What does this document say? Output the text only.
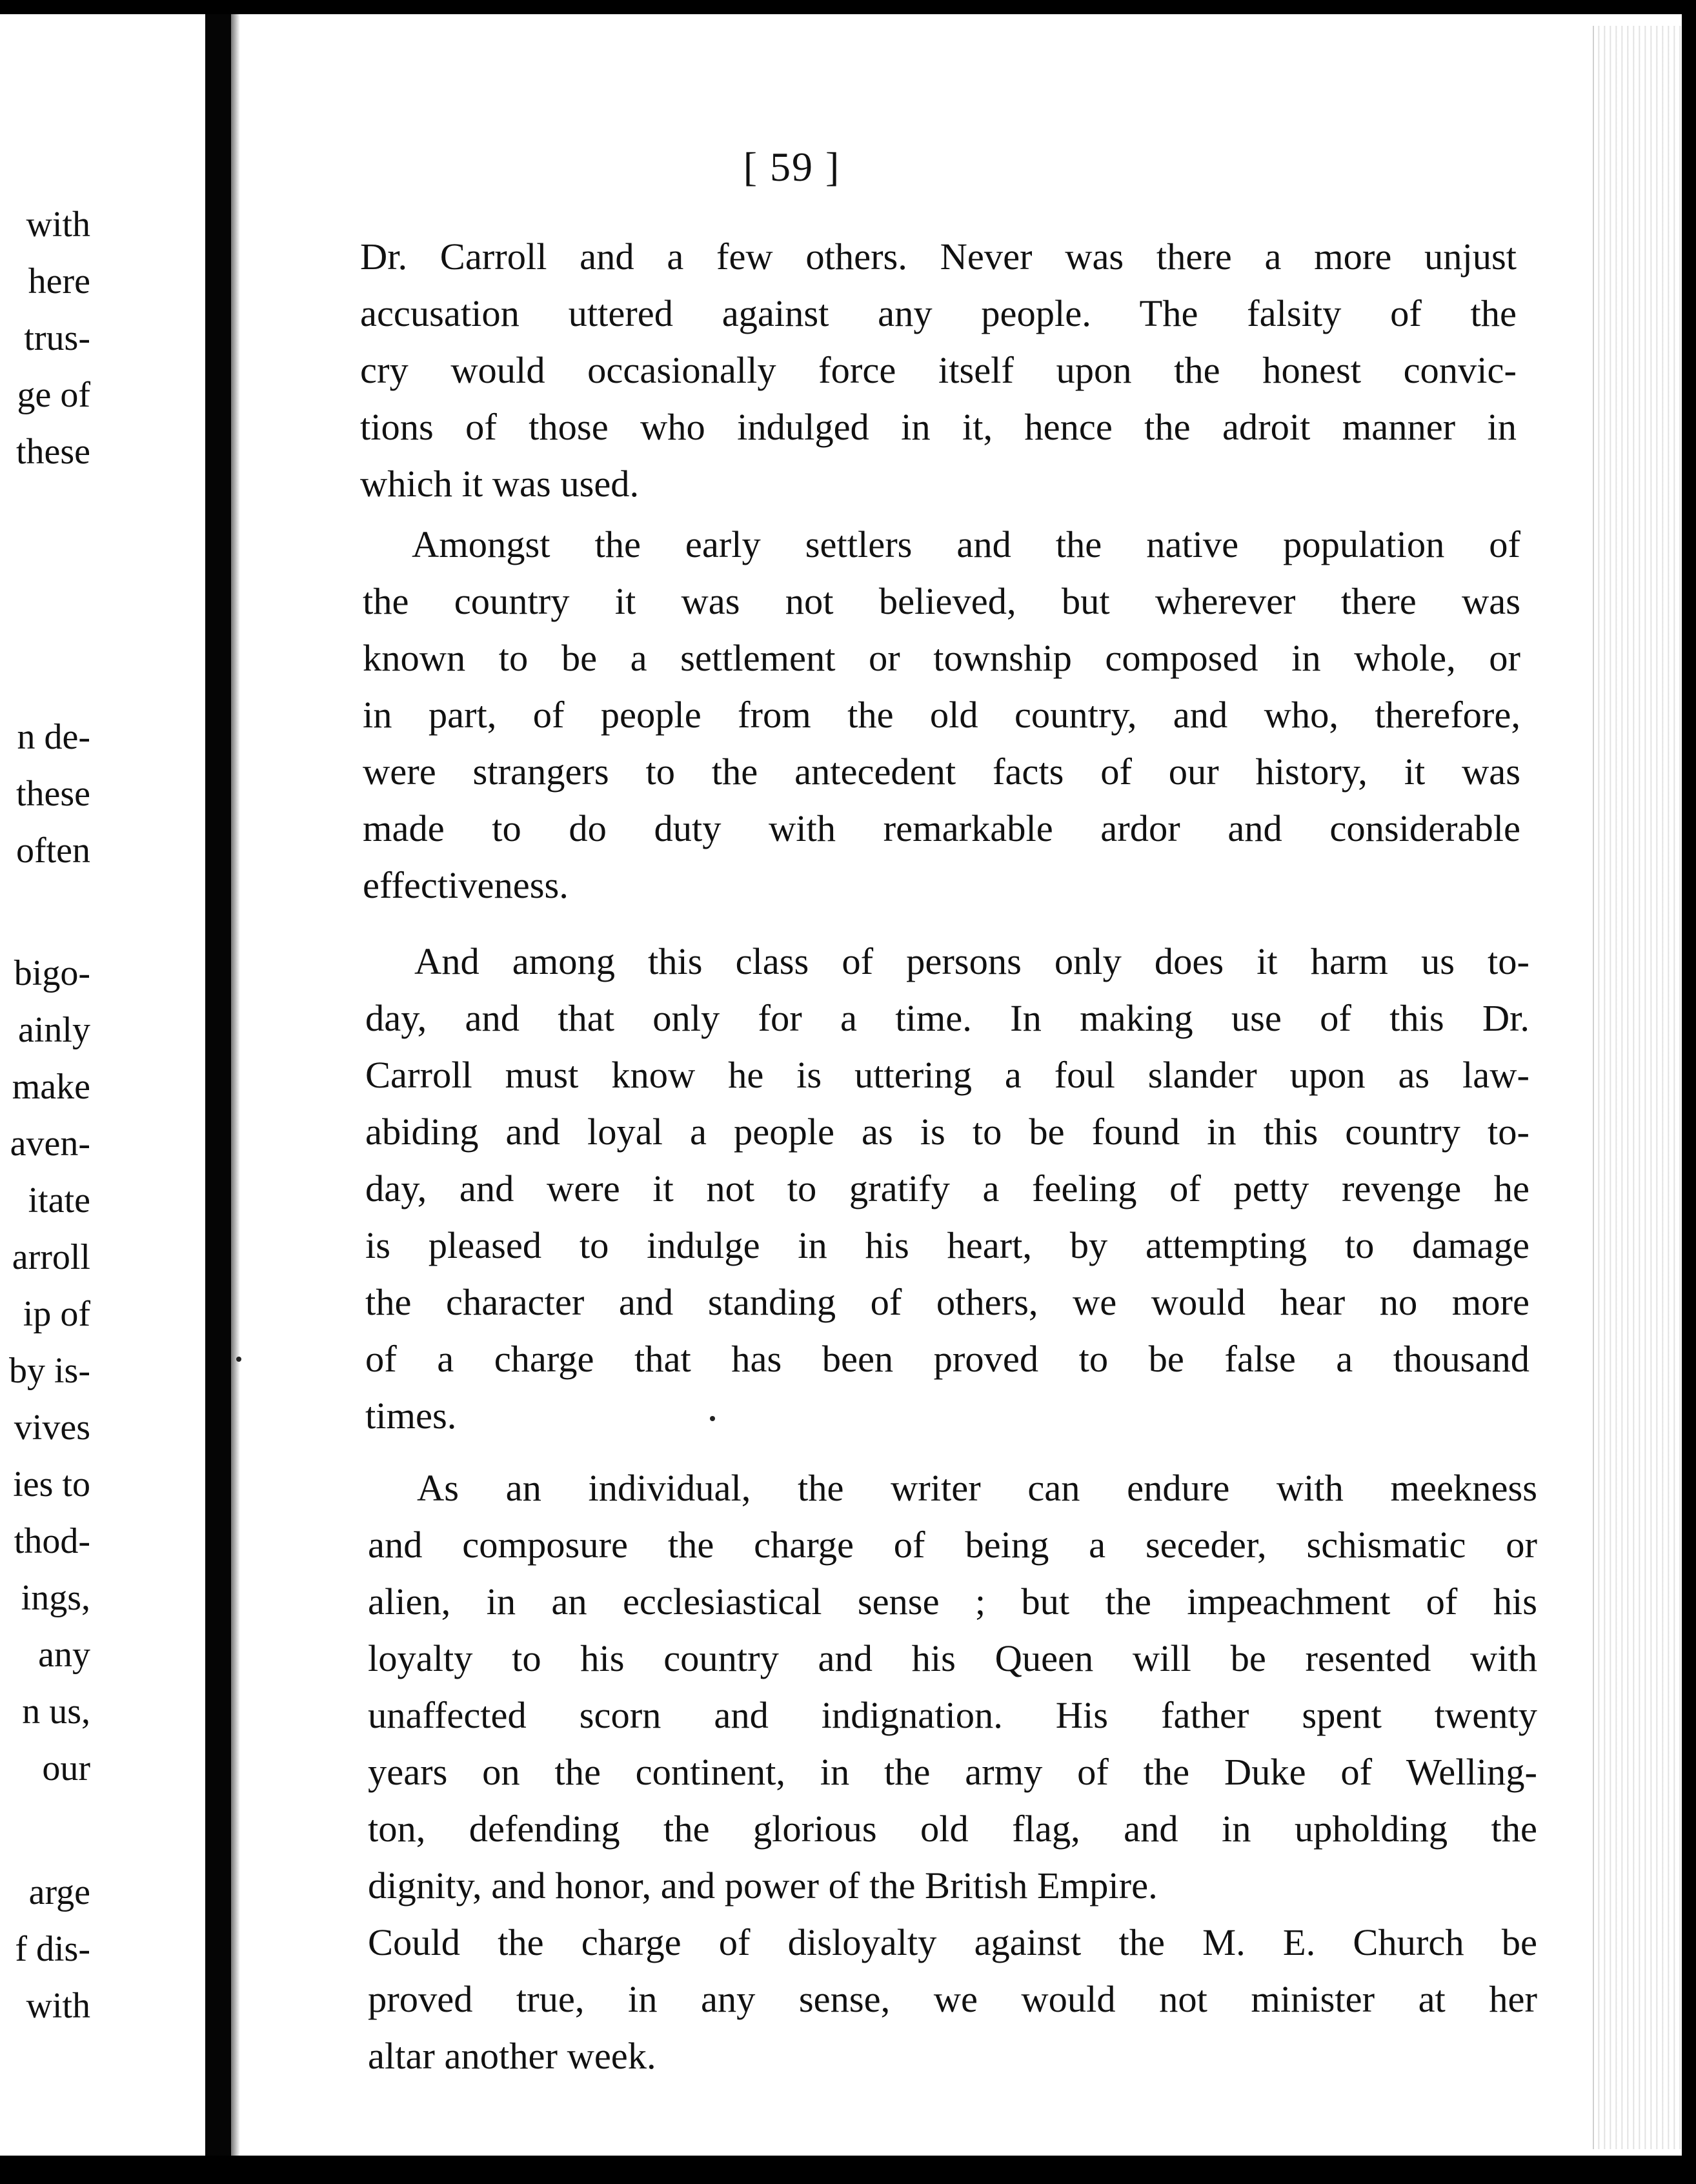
with
here
trus-
ge of
these
n de-
these
often
bigo-
ainly
make
aven-
itate
arroll
ip of
by is-
vives
ies to
thod-
ings,
any
n us,
our
arge
f dis-
with
[ 59 ]
Dr. Carroll and a few others. Never was there a more unjust
accusation uttered against any people. The falsity of the
cry would occasionally force itself upon the honest convic-
tions of those who indulged in it, hence the adroit manner in
which it was used.
Amongst the early settlers and the native population of
the country it was not believed, but wherever there was
known to be a settlement or township composed in whole, or
in part, of people from the old country, and who, therefore,
were strangers to the antecedent facts of our history, it was
made to do duty with remarkable ardor and considerable
effectiveness.
And among this class of persons only does it harm us to-
day, and that only for a time. In making use of this Dr.
Carroll must know he is uttering a foul slander upon as law-
abiding and loyal a people as is to be found in this country to-
day, and were it not to gratify a feeling of petty revenge he
is pleased to indulge in his heart, by attempting to damage
the character and standing of others, we would hear no more
of a charge that has been proved to be false a thousand
times.
As an individual, the writer can endure with meekness
and composure the charge of being a seceder, schismatic or
alien, in an ecclesiastical sense ; but the impeachment of his
loyalty to his country and his Queen will be resented with
unaffected scorn and indignation. His father spent twenty
years on the continent, in the army of the Duke of Welling-
ton, defending the glorious old flag, and in upholding the
dignity, and honor, and power of the British Empire.
Could the charge of disloyalty against the M. E. Church be
proved true, in any sense, we would not minister at her
altar another week.
